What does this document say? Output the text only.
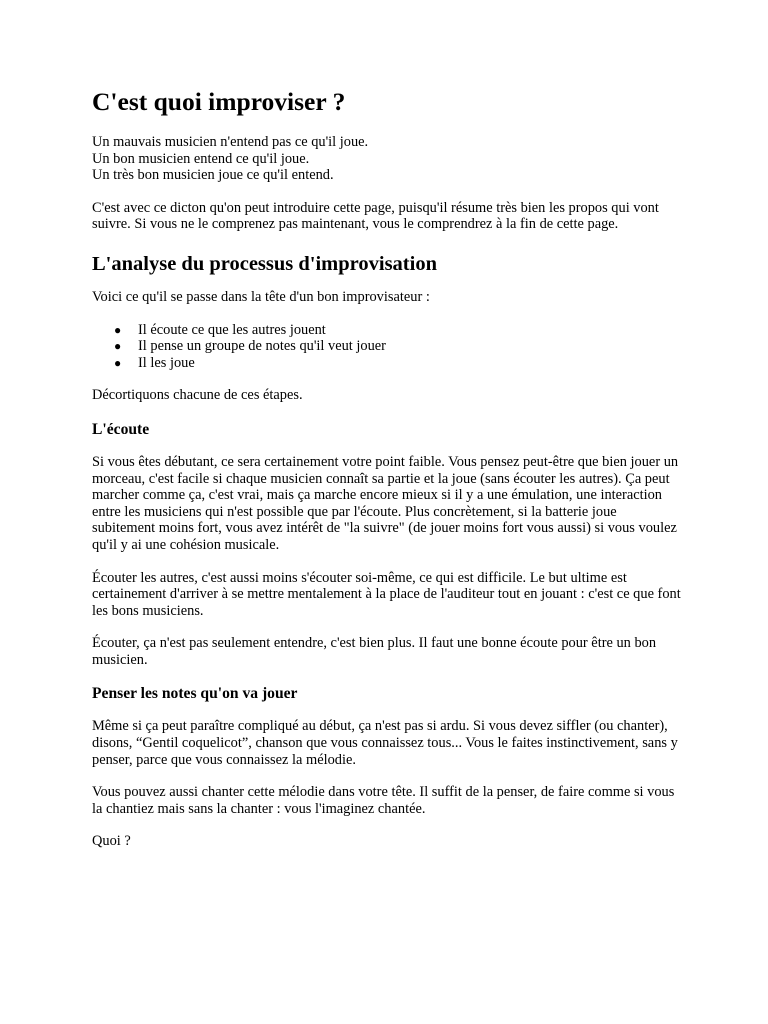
C'est quoi improviser ?

Un mauvais musicien n'entend pas ce qu'il joue.
Un bon musicien entend ce qu'il joue.
Un très bon musicien joue ce qu'il entend.

C'est avec ce dicton qu'on peut introduire cette page, puisqu'il résume très bien les propos qui vont suivre. Si vous ne le comprenez pas maintenant, vous le comprendrez à la fin de cette page.

L'analyse du processus d'improvisation

Voici ce qu'il se passe dans la tête d'un bon improvisateur :

● Il écoute ce que les autres jouent
● Il pense un groupe de notes qu'il veut jouer
● Il les joue

Décortiquons chacune de ces étapes.

L'écoute

Si vous êtes débutant, ce sera certainement votre point faible. Vous pensez peut-être que bien jouer un morceau, c'est facile si chaque musicien connaît sa partie et la joue (sans écouter les autres). Ça peut marcher comme ça, c'est vrai, mais ça marche encore mieux si il y a une émulation, une interaction entre les musiciens qui n'est possible que par l'écoute. Plus concrètement, si la batterie joue subitement moins fort, vous avez intérêt de "la suivre" (de jouer moins fort vous aussi) si vous voulez qu'il y ai une cohésion musicale.

Écouter les autres, c'est aussi moins s'écouter soi-même, ce qui est difficile. Le but ultime est certainement d'arriver à se mettre mentalement à la place de l'auditeur tout en jouant : c'est ce que font les bons musiciens.

Écouter, ça n'est pas seulement entendre, c'est bien plus. Il faut une bonne écoute pour être un bon musicien.

Penser les notes qu'on va jouer

Même si ça peut paraître compliqué au début, ça n'est pas si ardu. Si vous devez siffler (ou chanter), disons, “Gentil coquelicot”, chanson que vous connaissez tous... Vous le faites instinctivement, sans y penser, parce que vous connaissez la mélodie.

Vous pouvez aussi chanter cette mélodie dans votre tête. Il suffit de la penser, de faire comme si vous la chantiez mais sans la chanter : vous l'imaginez chantée.

Quoi ?
